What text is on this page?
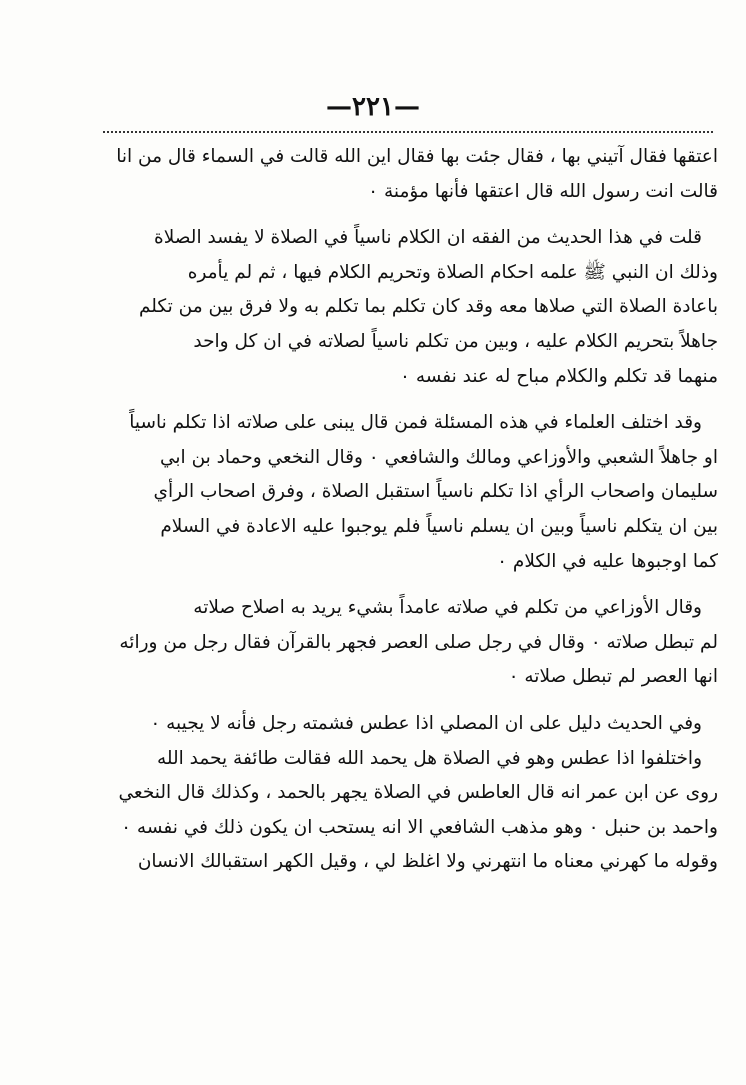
—٢٢١—
اعتقها فقال آتيني بها ، فقال جئت بها فقال اين الله قالت في السماء قال من انا
قالت انت رسول الله قال اعتقها فأنها مؤمنة ٠
قلت في هذا الحديث من الفقه ان الكلام ناسياً في الصلاة لا يفسد الصلاة
وذلك ان النبي ﷺ علمه احكام الصلاة وتحريم الكلام فيها ، ثم لم يأمره
باعادة الصلاة التي صلاها معه وقد كان تكلم بما تكلم به ولا فرق بين من تكلم
جاهلاً بتحريم الكلام عليه ، وبين من تكلم ناسياً لصلاته في ان كل واحد
منهما قد تكلم والكلام مباح له عند نفسه ٠
وقد اختلف العلماء في هذه المسئلة فمن قال يبنى على صلاته اذا تكلم ناسياً
او جاهلاً الشعبي والأوزاعي ومالك والشافعي ٠ وقال النخعي وحماد بن ابي
سليمان واصحاب الرأي اذا تكلم ناسياً استقبل الصلاة ، وفرق اصحاب الرأي
بين ان يتكلم ناسياً وبين ان يسلم ناسياً فلم يوجبوا عليه الاعادة في السلام
كما اوجبوها عليه في الكلام ٠
وقال الأوزاعي من تكلم في صلاته عامداً بشيء يريد به اصلاح صلاته
لم تبطل صلاته ٠ وقال في رجل صلى العصر فجهر بالقرآن فقال رجل من ورائه
انها العصر لم تبطل صلاته ٠
وفي الحديث دليل على ان المصلي اذا عطس فشمته رجل فأنه لا يجيبه ٠
واختلفوا اذا عطس وهو في الصلاة هل يحمد الله فقالت طائفة يحمد الله
روى عن ابن عمر انه قال العاطس في الصلاة يجهر بالحمد ، وكذلك قال النخعي
واحمد بن حنبل ٠ وهو مذهب الشافعي الا انه يستحب ان يكون ذلك في نفسه ٠
وقوله ما كهرني معناه ما انتهرني ولا اغلظ لي ، وقيل الكهر استقبالك الانسان
